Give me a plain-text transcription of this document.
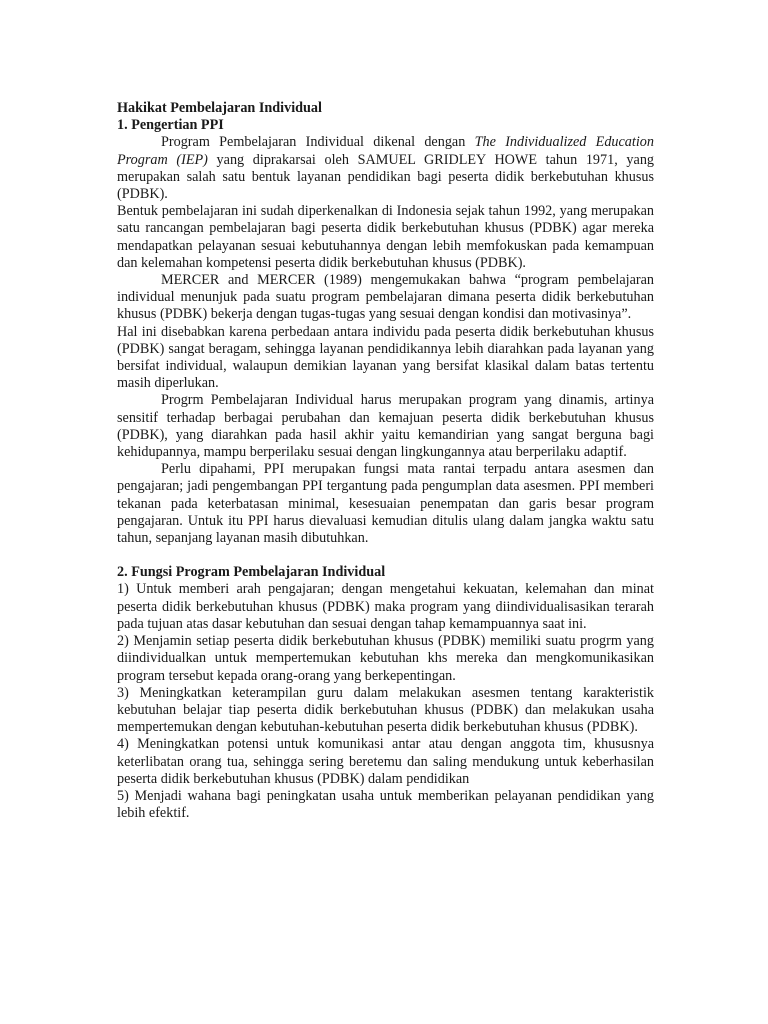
Hakikat Pembelajaran Individual

1. Pengertian PPI

Program Pembelajaran Individual dikenal dengan The Individualized Education Program (IEP) yang diprakarsai oleh SAMUEL GRIDLEY HOWE tahun 1971, yang merupakan salah satu bentuk layanan pendidikan bagi peserta didik berkebutuhan khusus (PDBK).

Bentuk pembelajaran ini sudah diperkenalkan di Indonesia sejak tahun 1992, yang merupakan satu rancangan pembelajaran bagi peserta didik berkebutuhan khusus (PDBK) agar mereka mendapatkan pelayanan sesuai kebutuhannya dengan lebih memfokuskan pada kemampuan dan kelemahan kompetensi peserta didik berkebutuhan khusus (PDBK).

MERCER and MERCER (1989) mengemukakan bahwa “program pembelajaran individual menunjuk pada suatu program pembelajaran dimana peserta didik berkebutuhan khusus (PDBK) bekerja dengan tugas-tugas yang sesuai dengan kondisi dan motivasinya”.

Hal ini disebabkan karena perbedaan antara individu pada peserta didik berkebutuhan khusus (PDBK) sangat beragam, sehingga layanan pendidikannya lebih diarahkan pada layanan yang bersifat individual, walaupun demikian layanan yang bersifat klasikal dalam batas tertentu masih diperlukan.

Progrm Pembelajaran Individual harus merupakan program yang dinamis, artinya sensitif terhadap berbagai perubahan dan kemajuan peserta didik berkebutuhan khusus (PDBK), yang diarahkan pada hasil akhir yaitu kemandirian yang sangat berguna bagi kehidupannya, mampu berperilaku sesuai dengan lingkungannya atau berperilaku adaptif.

Perlu dipahami, PPI merupakan fungsi mata rantai terpadu antara asesmen dan pengajaran; jadi pengembangan PPI tergantung pada pengumplan data asesmen. PPI memberi tekanan pada keterbatasan minimal, kesesuaian penempatan dan garis besar program pengajaran. Untuk itu PPI harus dievaluasi kemudian ditulis ulang dalam jangka waktu satu tahun, sepanjang layanan masih dibutuhkan.

2. Fungsi Program Pembelajaran Individual

1) Untuk memberi arah pengajaran; dengan mengetahui kekuatan, kelemahan dan minat peserta didik berkebutuhan khusus (PDBK) maka program yang diindividualisasikan terarah pada tujuan atas dasar kebutuhan dan sesuai dengan tahap kemampuannya saat ini.

2) Menjamin setiap peserta didik berkebutuhan khusus (PDBK) memiliki suatu progrm yang diindividualkan untuk mempertemukan kebutuhan khs mereka dan mengkomunikasikan program tersebut kepada orang-orang yang berkepentingan.

3) Meningkatkan keterampilan guru dalam melakukan asesmen tentang karakteristik kebutuhan belajar tiap peserta didik berkebutuhan khusus (PDBK) dan melakukan usaha mempertemukan dengan kebutuhan-kebutuhan peserta didik berkebutuhan khusus (PDBK).

4) Meningkatkan potensi untuk komunikasi antar atau dengan anggota tim, khususnya keterlibatan orang tua, sehingga sering beretemu dan saling mendukung untuk keberhasilan peserta didik berkebutuhan khusus (PDBK) dalam pendidikan

5) Menjadi wahana bagi peningkatan usaha untuk memberikan pelayanan pendidikan yang lebih efektif.
